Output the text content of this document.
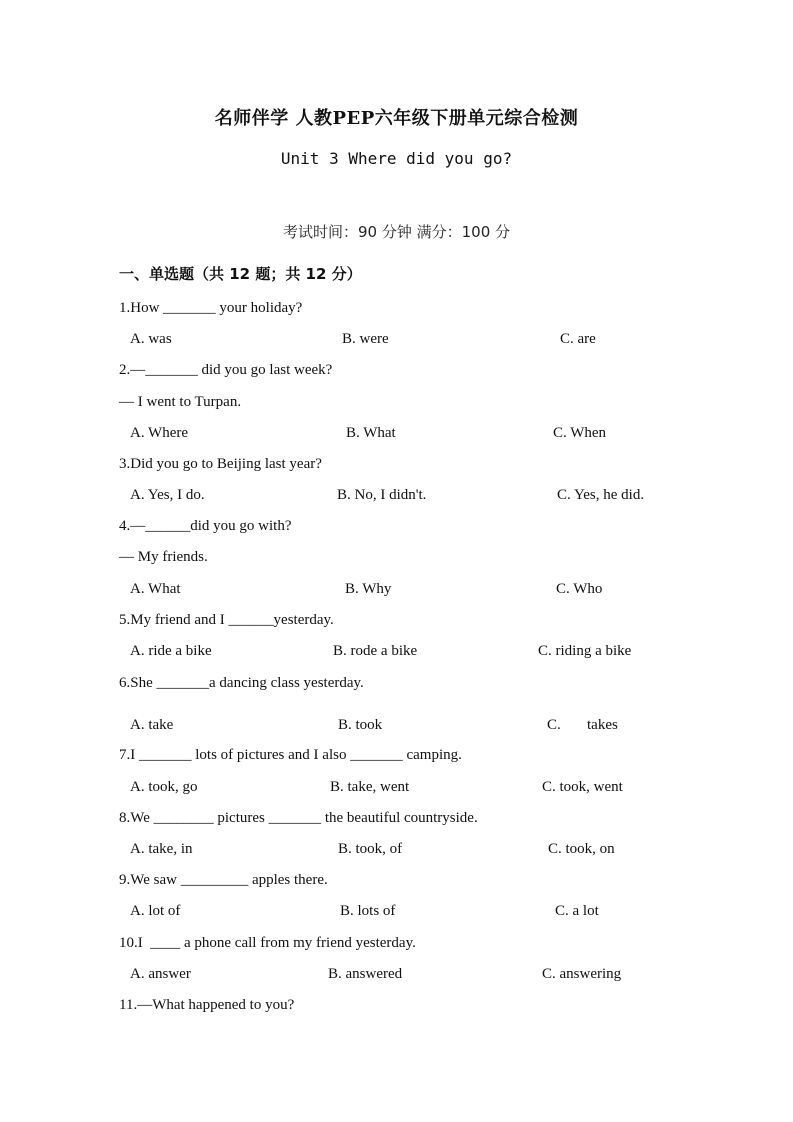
名师伴学 人教PEP六年级下册单元综合检测
Unit 3 Where did you go?
考试时间：90 分钟 满分：100 分
一、单选题（共 12 题；共 12 分）
1.How _______ your holiday?
A. was	B. were	C. are
2.—_______ did you go last week?
— I went to Turpan.
A. Where	B. What	C. When
3.Did you go to Beijing last year?
A. Yes, I do.	B. No, I didn't.	C. Yes, he did.
4.—______did you go with?
— My friends.
A. What	B. Why	C. Who
5.My friend and I ______yesterday.
A. ride a bike	B. rode a bike	C. riding a bike
6.She _______a dancing class yesterday.
A. take	B. took	C.       takes
7.I _______ lots of pictures and I also _______ camping.
A. took, go	B. take, went	C. took, went
8.We ________ pictures _______ the beautiful countryside.
A. take, in	B. took, of	C. took, on
9.We saw _________ apples there.
A. lot of	B. lots of	C. a lot
10.I  ____ a phone call from my friend yesterday.
A. answer	B. answered	C. answering
11.—What happened to you?
